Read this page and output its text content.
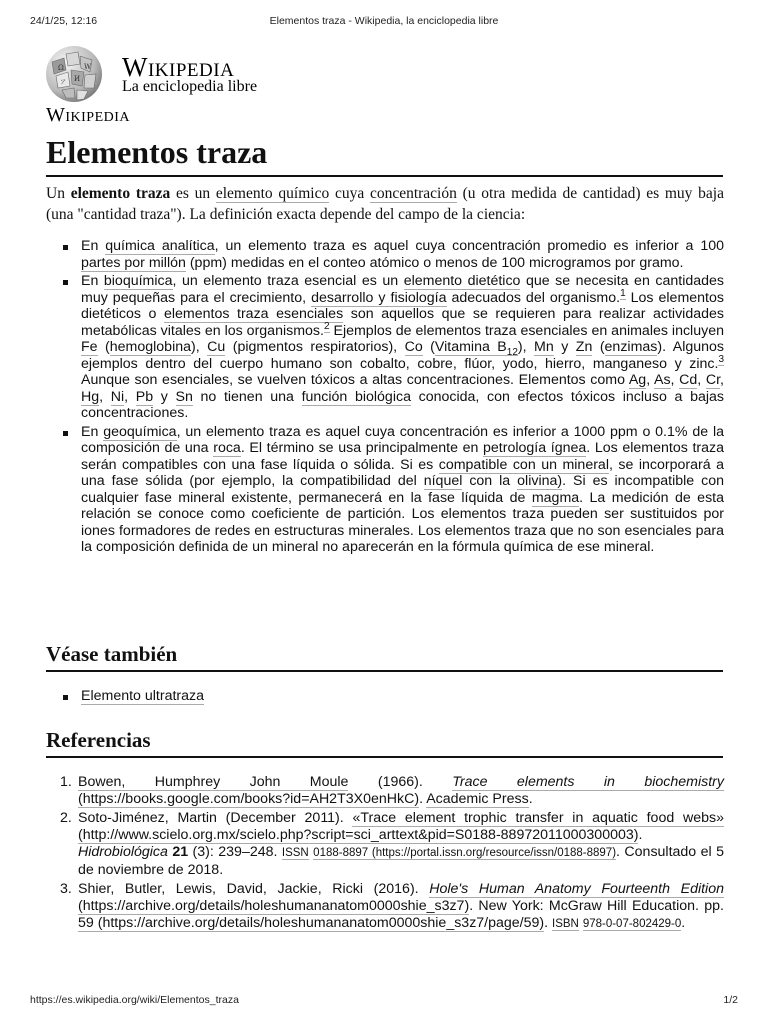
24/1/25, 12:16	Elementos traza - Wikipedia, la enciclopedia libre
Ω	W
И
ア
Wikipedia
La enciclopedia libre
Wikipedia
Elementos traza

Un elemento traza es un elemento químico cuya concentración (u otra medida de cantidad) es muy baja (una "cantidad traza"). La definición exacta depende del campo de la ciencia:

En química analítica, un elemento traza es aquel cuya concentración promedio es inferior a 100 partes por millón (ppm) medidas en el conteo atómico o menos de 100 microgramos por gramo.
En bioquímica, un elemento traza esencial es un elemento dietético que se necesita en cantidades muy pequeñas para el crecimiento, desarrollo y fisiología adecuados del organismo.$^1$ Los elementos dietéticos o elementos traza esenciales son aquellos que se requieren para realizar actividades metabólicas vitales en los organismos.$^2$ Ejemplos de elementos traza esenciales en animales incluyen Fe (hemoglobina), Cu (pigmentos respiratorios), Co (Vitamina $B_{12}$), Mn y Zn (enzimas). Algunos ejemplos dentro del cuerpo humano son cobalto, cobre, flúor, yodo, hierro, manganeso y zinc.$^3$ Aunque son esenciales, se vuelven tóxicos a altas concentraciones. Elementos como Ag, As, Cd, Cr, Hg, Ni, Pb y Sn no tienen una función biológica conocida, con efectos tóxicos incluso a bajas concentraciones.
En geoquímica, un elemento traza es aquel cuya concentración es inferior a 1000 ppm o 0.1% de la composición de una roca. El término se usa principalmente en petrología ígnea. Los elementos traza serán compatibles con una fase líquida o sólida. Si es compatible con un mineral, se incorporará a una fase sólida (por ejemplo, la compatibilidad del níquel con la olivina). Si es incompatible con cualquier fase mineral existente, permanecerá en la fase líquida de magma. La medición de esta relación se conoce como coeficiente de partición. Los elementos traza pueden ser sustituidos por iones formadores de redes en estructuras minerales. Los elementos traza que no son esenciales para la composición definida de un mineral no aparecerán en la fórmula química de ese mineral.
Véase también
Elemento ultratraza
Referencias
1. Bowen, Humphrey John Moule (1966). Trace elements in biochemistry (https://books.google.com/books?id=AH2T3X0enHkC). Academic Press.
2. Soto-Jiménez, Martin (December 2011). «Trace element trophic transfer in aquatic food webs» (http://www.scielo.org.mx/scielo.php?script=sci_arttext&pid=S0188-88972011000300003). Hidrobiológica 21 (3): 239–248. ISSN 0188-8897 (https://portal.issn.org/resource/issn/0188-8897). Consultado el 5 de noviembre de 2018.
3. Shier, Butler, Lewis, David, Jackie, Ricki (2016). Hole's Human Anatomy Fourteenth Edition (https://archive.org/details/holeshumananatom0000shie_s3z7). New York: McGraw Hill Education. pp. 59 (https://archive.org/details/holeshumananatom0000shie_s3z7/page/59). ISBN 978-0-07-802429-0.
https://es.wikipedia.org/wiki/Elementos_traza	1/2
